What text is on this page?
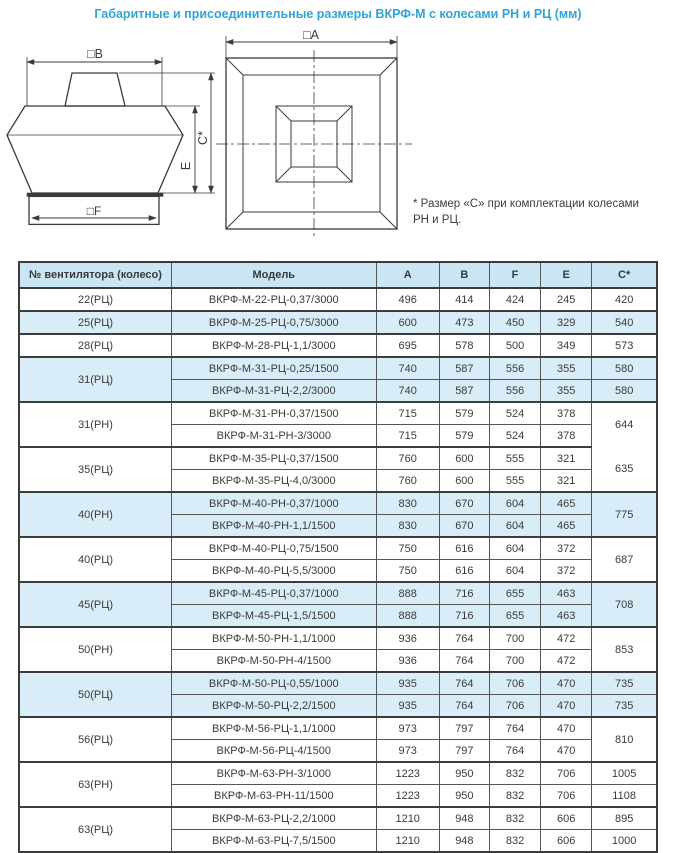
Габаритные и присоединительные размеры ВКРФ-М с колесами РН и РЦ (мм)
□B
E
C*
□F
□A
* Размер «С» при комплектации колесами
РН и РЦ.
№ вентилятора (колесо)	Модель	A	B	F	E	C*
22(РЦ)	ВКРФ-М-22-РЦ-0,37/3000	496	414	424	245	420
25(РЦ)	ВКРФ-М-25-РЦ-0,75/3000	600	473	450	329	540
28(РЦ)	ВКРФ-М-28-РЦ-1,1/3000	695	578	500	349	573
31(РЦ)	ВКРФ-М-31-РЦ-0,25/1500	740	587	556	355	580
	ВКРФ-М-31-РЦ-2,2/3000	740	587	556	355	580
31(РН)	ВКРФ-М-31-РН-0,37/1500	715	579	524	378	644
	ВКРФ-М-31-РН-3/3000	715	579	524	378	
35(РЦ)	ВКРФ-М-35-РЦ-0,37/1500	760	600	555	321	635
	ВКРФ-М-35-РЦ-4,0/3000	760	600	555	321	
40(РН)	ВКРФ-М-40-РН-0,37/1000	830	670	604	465	775
	ВКРФ-М-40-РН-1,1/1500	830	670	604	465	
40(РЦ)	ВКРФ-М-40-РЦ-0,75/1500	750	616	604	372	687
	ВКРФ-М-40-РЦ-5,5/3000	750	616	604	372	
45(РЦ)	ВКРФ-М-45-РЦ-0,37/1000	888	716	655	463	708
	ВКРФ-М-45-РЦ-1,5/1500	888	716	655	463	
50(РН)	ВКРФ-М-50-РН-1,1/1000	936	764	700	472	853
	ВКРФ-М-50-РН-4/1500	936	764	700	472	
50(РЦ)	ВКРФ-М-50-РЦ-0,55/1000	935	764	706	470	735
	ВКРФ-М-50-РЦ-2,2/1500	935	764	706	470	735
56(РЦ)	ВКРФ-М-56-РЦ-1,1/1000	973	797	764	470	810
	ВКРФ-М-56-РЦ-4/1500	973	797	764	470	
63(РН)	ВКРФ-М-63-РН-3/1000	1223	950	832	706	1005
	ВКРФ-М-63-РН-11/1500	1223	950	832	706	1108
63(РЦ)	ВКРФ-М-63-РЦ-2,2/1000	1210	948	832	606	895
	ВКРФ-М-63-РЦ-7,5/1500	1210	948	832	606	1000
